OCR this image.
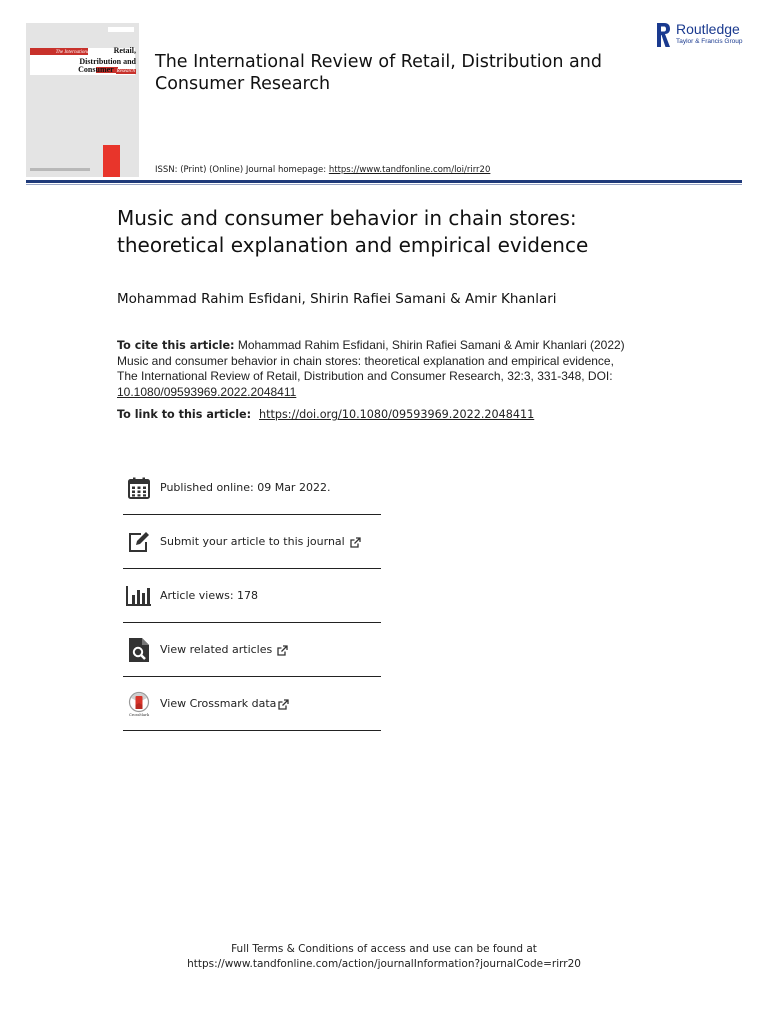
The International Review of Retail,
Distribution and
Consumer Research The International Review of Retail, Distribution and Consumer Research
Routledge
Taylor & Francis Group
ISSN: (Print) (Online) Journal homepage: https://www.tandfonline.com/loi/rirr20
Music and consumer behavior in chain stores: theoretical explanation and empirical evidence
Mohammad Rahim Esfidani, Shirin Rafiei Samani & Amir Khanlari
To cite this article: Mohammad Rahim Esfidani, Shirin Rafiei Samani & Amir Khanlari (2022) Music and consumer behavior in chain stores: theoretical explanation and empirical evidence, The International Review of Retail, Distribution and Consumer Research, 32:3, 331-348, DOI: 10.1080/09593969.2022.2048411
To link to this article: https://doi.org/10.1080/09593969.2022.2048411
Published online: 09 Mar 2022.
Submit your article to this journal
Article views: 178
View related articles
CrossMark
View Crossmark data
Full Terms & Conditions of access and use can be found at
https://www.tandfonline.com/action/journalInformation?journalCode=rirr20
